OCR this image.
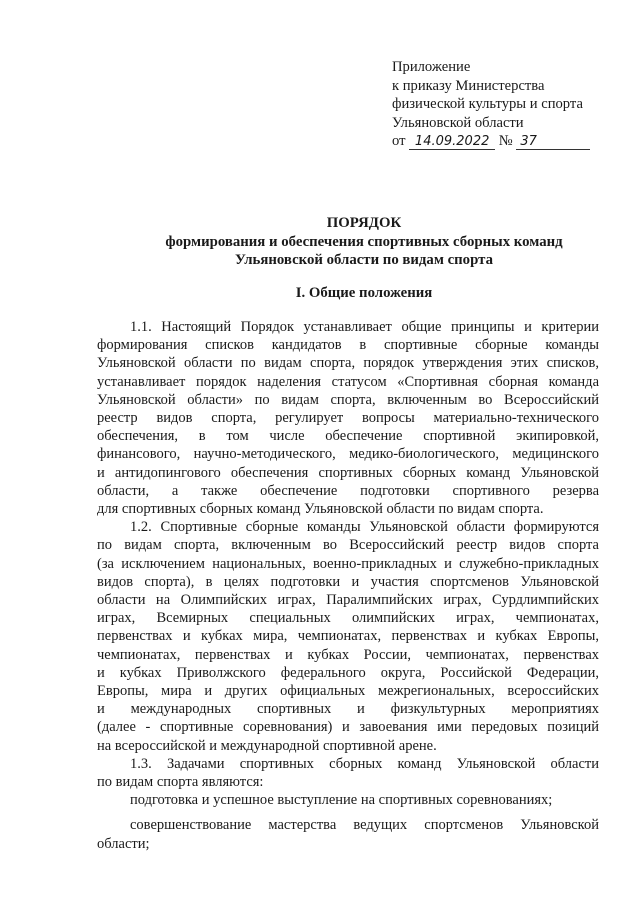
Приложение
к приказу Министерства
физической культуры и спорта
Ульяновской области
от 14.09.2022 № 37
ПОРЯДОК
формирования и обеспечения спортивных сборных команд
Ульяновской области по видам спорта
I. Общие положения
1.1. Настоящий Порядок устанавливает общие принципы и критерии
формирования списков кандидатов в спортивные сборные команды
Ульяновской области по видам спорта, порядок утверждения этих списков,
устанавливает порядок наделения статусом «Спортивная сборная команда
Ульяновской области» по видам спорта, включенным во Всероссийский
реестр видов спорта, регулирует вопросы материально-технического
обеспечения, в том числе обеспечение спортивной экипировкой,
финансового, научно-методического, медико-биологического, медицинского
и антидопингового обеспечения спортивных сборных команд Ульяновской
области, а также обеспечение подготовки спортивного резерва
для спортивных сборных команд Ульяновской области по видам спорта.
1.2. Спортивные сборные команды Ульяновской области формируются
по видам спорта, включенным во Всероссийский реестр видов спорта
(за исключением национальных, военно-прикладных и служебно-прикладных
видов спорта), в целях подготовки и участия спортсменов Ульяновской
области на Олимпийских играх, Паралимпийских играх, Сурдлимпийских
играх, Всемирных специальных олимпийских играх, чемпионатах,
первенствах и кубках мира, чемпионатах, первенствах и кубках Европы,
чемпионатах, первенствах и кубках России, чемпионатах, первенствах
и кубках Приволжского федерального округа, Российской Федерации,
Европы, мира и других официальных межрегиональных, всероссийских
и международных спортивных и физкультурных мероприятиях
(далее - спортивные соревнования) и завоевания ими передовых позиций
на всероссийской и международной спортивной арене.
1.3. Задачами спортивных сборных команд Ульяновской области
по видам спорта являются:
подготовка и успешное выступление на спортивных соревнованиях;
совершенствование мастерства ведущих спортсменов Ульяновской
области;
